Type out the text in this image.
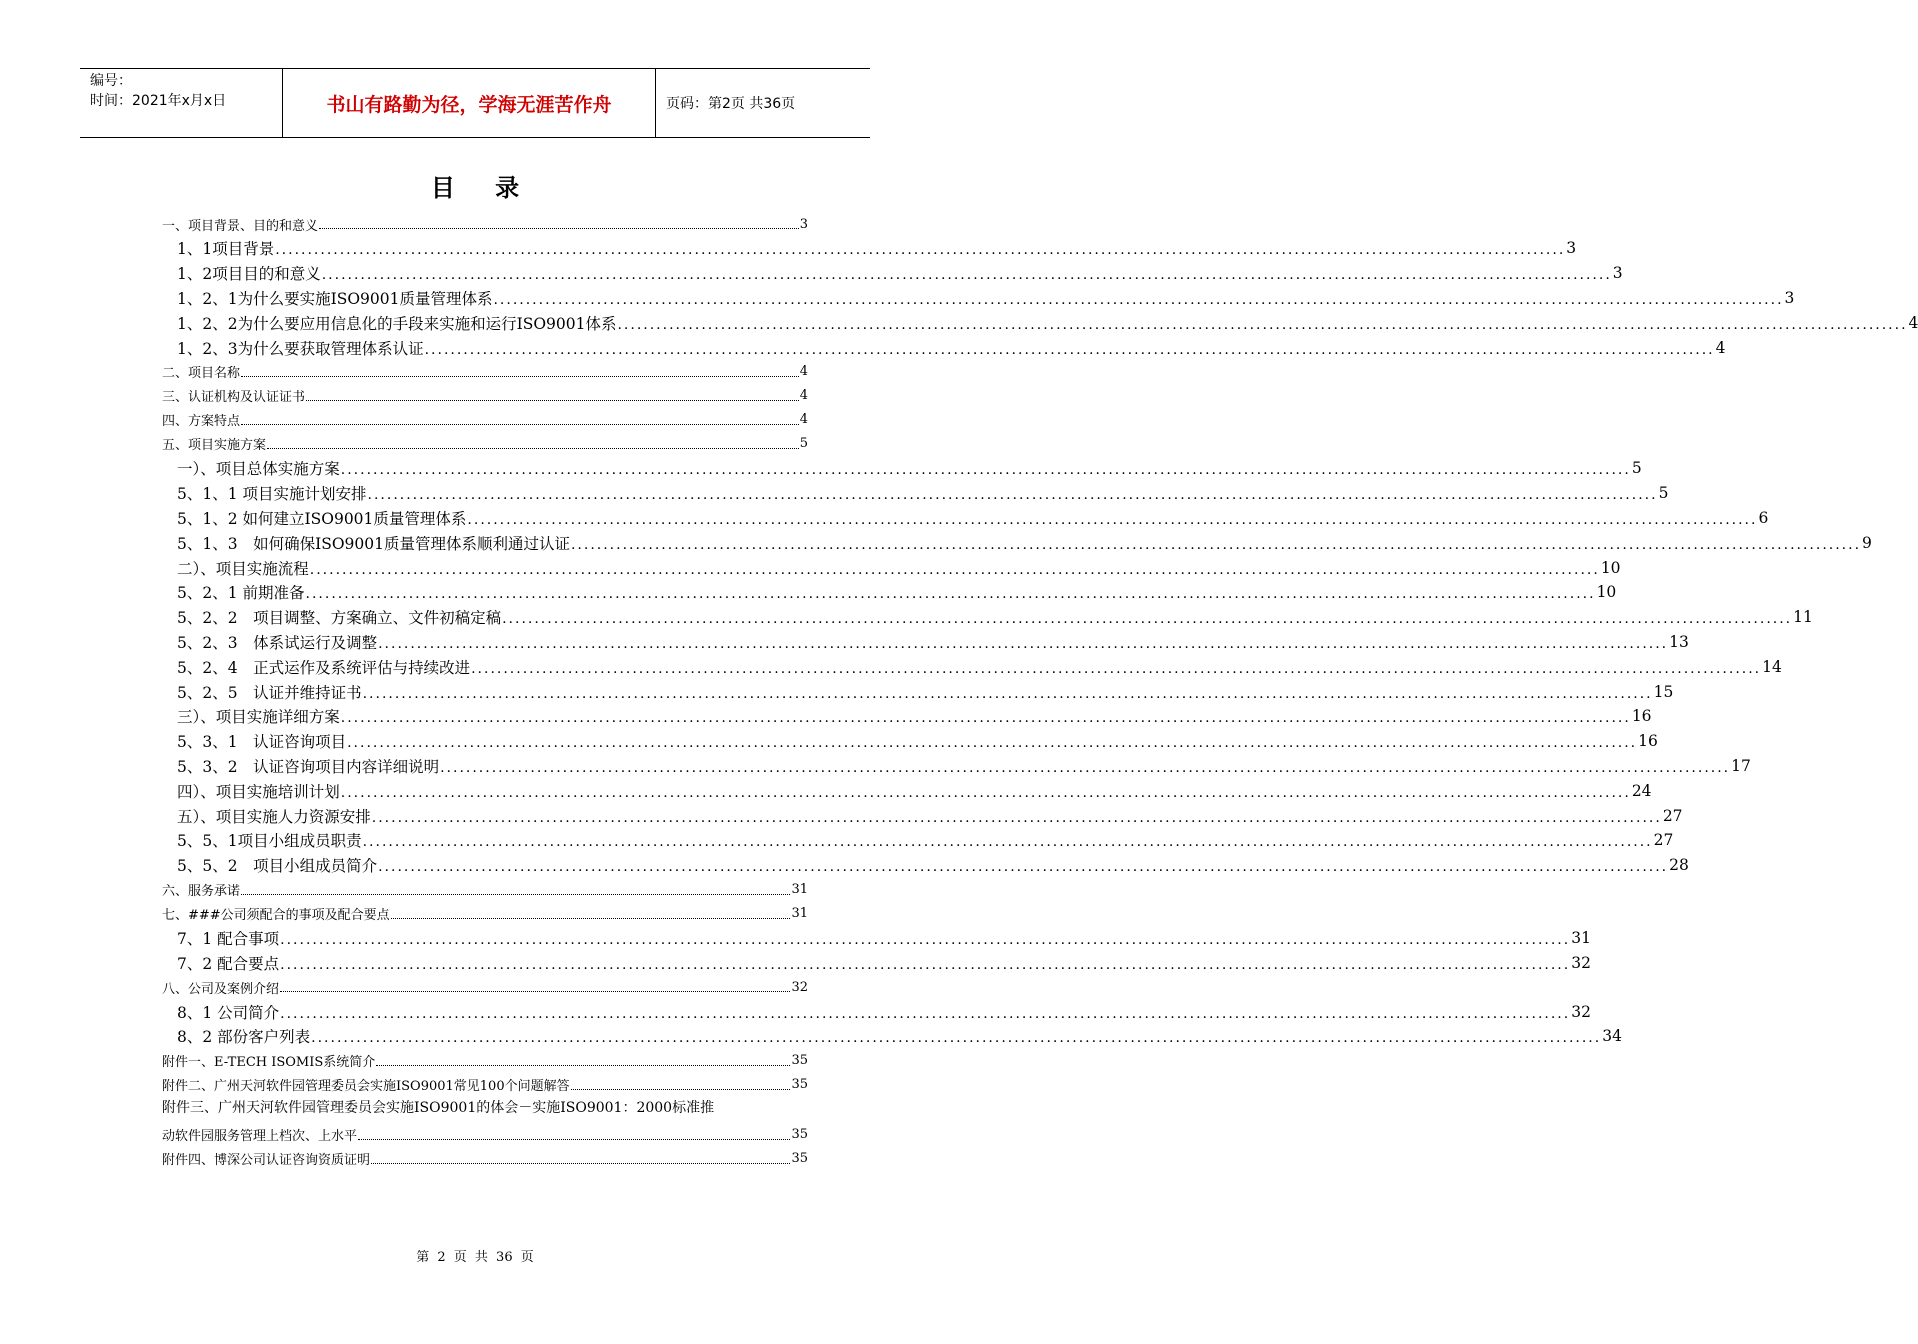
编号：
时间：2021年x月x日	书山有路勤为径，学海无涯苦作舟	页码：第2页 共36页
目 录
一、项目背景、目的和意义	3
1、1项目背景 ........................................................................................................................................................................................................ 3
1、2项目目的和意义 ........................................................................................................................................................................................................ 3
1、2、1为什么要实施ISO9001质量管理体系 ........................................................................................................................................................................................................ 3
1、2、2为什么要应用信息化的手段来实施和运行ISO9001体系 ........................................................................................................................................................................................................ 4
1、2、3为什么要获取管理体系认证 ........................................................................................................................................................................................................ 4
二、项目名称	4
三、认证机构及认证证书	4
四、方案特点	4
五、项目实施方案	5
一）、项目总体实施方案 ........................................................................................................................................................................................................ 5
5、1、1 项目实施计划安排 ........................................................................................................................................................................................................ 5
5、1、2 如何建立ISO9001质量管理体系 ........................................................................................................................................................................................................ 6
5、1、3　如何确保ISO9001质量管理体系顺利通过认证 ........................................................................................................................................................................................................ 9
二）、项目实施流程 ........................................................................................................................................................................................................ 10
5、2、1 前期准备 ........................................................................................................................................................................................................ 10
5、2、2　项目调整、方案确立、文件初稿定稿 ........................................................................................................................................................................................................ 11
5、2、3　体系试运行及调整 ........................................................................................................................................................................................................ 13
5、2、4　正式运作及系统评估与持续改进 ........................................................................................................................................................................................................ 14
5、2、5　认证并维持证书 ........................................................................................................................................................................................................ 15
三）、项目实施详细方案 ........................................................................................................................................................................................................ 16
5、3、1　认证咨询项目 ........................................................................................................................................................................................................ 16
5、3、2　认证咨询项目内容详细说明 ........................................................................................................................................................................................................ 17
四）、项目实施培训计划 ........................................................................................................................................................................................................ 24
五）、项目实施人力资源安排 ........................................................................................................................................................................................................ 27
5、5、1项目小组成员职责 ........................................................................................................................................................................................................ 27
5、5、2　项目小组成员简介 ........................................................................................................................................................................................................ 28
六、服务承诺	31
七、###公司须配合的事项及配合要点	31
7、1 配合事项 ........................................................................................................................................................................................................ 31
7、2 配合要点 ........................................................................................................................................................................................................ 32
八、公司及案例介绍	32
8、1 公司简介 ........................................................................................................................................................................................................ 32
8、2 部份客户列表 ........................................................................................................................................................................................................ 34
附件一、E-TECH ISOMIS系统简介	35
附件二、广州天河软件园管理委员会实施ISO9001常见100个问题解答	35
附件三、广州天河软件园管理委员会实施ISO9001的体会－实施ISO9001：2000标准推
动软件园服务管理上档次、上水平	35
附件四、博深公司认证咨询资质证明	35
第 2 页 共 36 页
